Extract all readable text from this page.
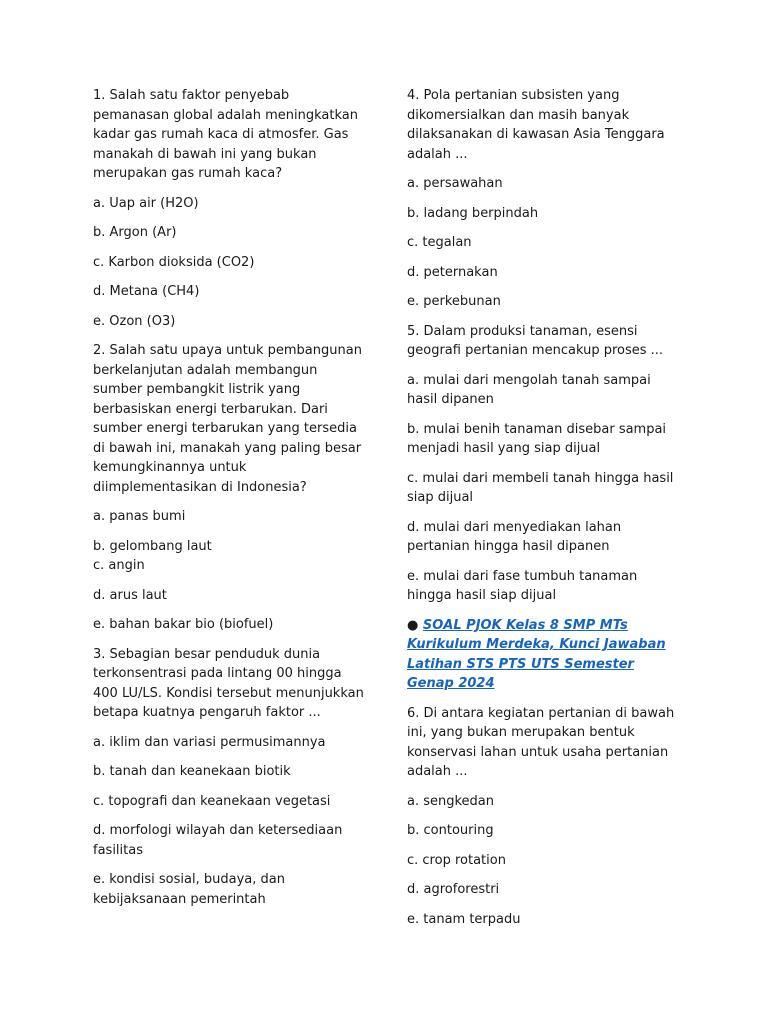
1. Salah satu faktor penyebab pemanasan global adalah meningkatkan kadar gas rumah kaca di atmosfer. Gas manakah di bawah ini yang bukan merupakan gas rumah kaca?

a. Uap air (H2O)

b. Argon (Ar)

c. Karbon dioksida (CO2)

d. Metana (CH4)

e. Ozon (O3)

2. Salah satu upaya untuk pembangunan berkelanjutan adalah membangun sumber pembangkit listrik yang berbasiskan energi terbarukan. Dari sumber energi terbarukan yang tersedia di bawah ini, manakah yang paling besar kemungkinannya untuk diimplementasikan di Indonesia?

a. panas bumi

b. gelombang laut

c. angin

d. arus laut

e. bahan bakar bio (biofuel)

3. Sebagian besar penduduk dunia terkonsentrasi pada lintang 00 hingga 400 LU/LS. Kondisi tersebut menunjukkan betapa kuatnya pengaruh faktor ...

a. iklim dan variasi permusimannya

b. tanah dan keanekaan biotik

c. topografi dan keanekaan vegetasi

d. morfologi wilayah dan ketersediaan fasilitas

e. kondisi sosial, budaya, dan kebijaksanaan pemerintah

4. Pola pertanian subsisten yang dikomersialkan dan masih banyak dilaksanakan di kawasan Asia Tenggara adalah ...

a. persawahan

b. ladang berpindah

c. tegalan

d. peternakan

e. perkebunan

5. Dalam produksi tanaman, esensi geografi pertanian mencakup proses ...

a. mulai dari mengolah tanah sampai hasil dipanen

b. mulai benih tanaman disebar sampai menjadi hasil yang siap dijual

c. mulai dari membeli tanah hingga hasil siap dijual

d. mulai dari menyediakan lahan pertanian hingga hasil dipanen

e. mulai dari fase tumbuh tanaman hingga hasil siap dijual

● SOAL PJOK Kelas 8 SMP MTs Kurikulum Merdeka, Kunci Jawaban Latihan STS PTS UTS Semester Genap 2024

6. Di antara kegiatan pertanian di bawah ini, yang bukan merupakan bentuk konservasi lahan untuk usaha pertanian adalah ...

a. sengkedan

b. contouring

c. crop rotation

d. agroforestri

e. tanam terpadu
